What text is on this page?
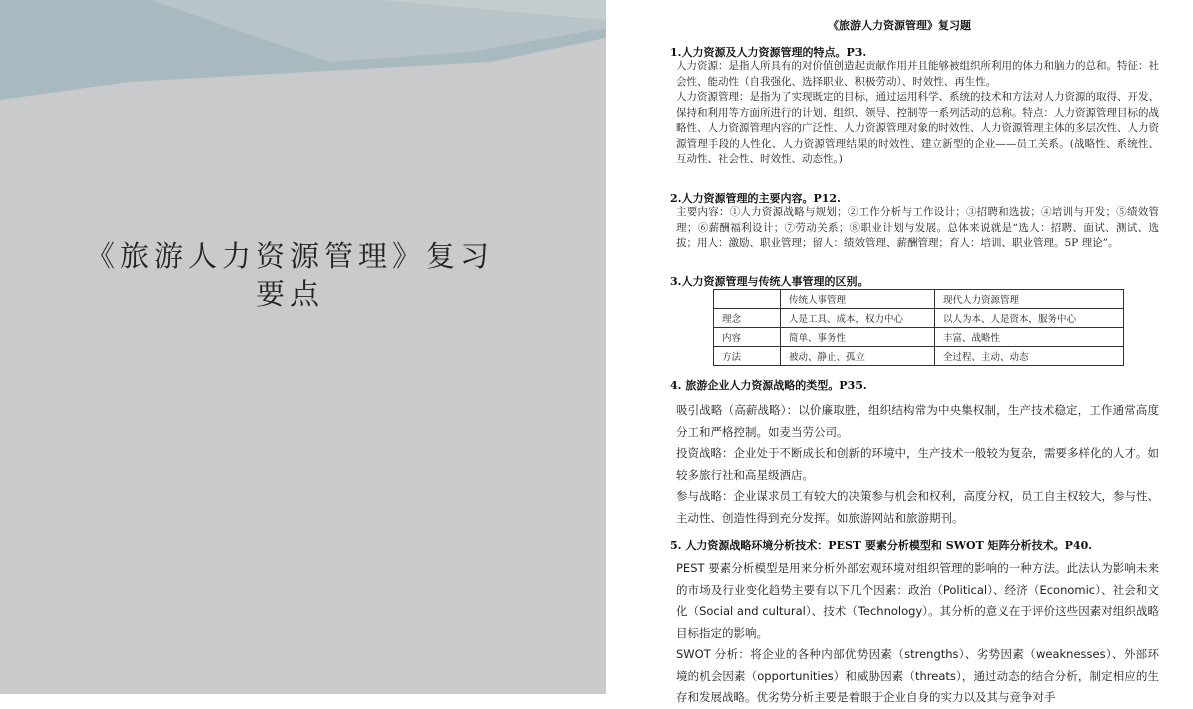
《旅游人力资源管理》复习
要点
《旅游人力资源管理》复习题
1.人力资源及人力资源管理的特点。P3.

人力资源：是指人所具有的对价值创造起贡献作用并且能够被组织所利用的体力和脑力的总和。特征：社会性、能动性（自我强化、选择职业、积极劳动）、时效性、再生性。

人力资源管理：是指为了实现既定的目标，通过运用科学、系统的技术和方法对人力资源的取得、开发、保持和利用等方面所进行的计划、组织、领导、控制等一系列活动的总称。特点：人力资源管理目标的战略性、人力资源管理内容的广泛性、人力资源管理对象的时效性、人力资源管理主体的多层次性、人力资源管理手段的人性化、人力资源管理结果的时效性、建立新型的企业——员工关系。(战略性、系统性、互动性、社会性、时效性、动态性。)

2.人力资源管理的主要内容。P12.

主要内容：①人力资源战略与规划；②工作分析与工作设计；③招聘和选拔；④培训与开发；⑤绩效管理；⑥薪酬福利设计；⑦劳动关系；⑧职业计划与发展。总体来说就是“选人：招聘、面试、测试、选拔；用人：激励、职业管理；留人：绩效管理、薪酬管理；育人：培训、职业管理。5P 理论”。

3.人力资源管理与传统人事管理的区别。
	传统人事管理	现代人力资源管理
理念	人是工具、成本，权力中心	以人为本、人是资本，服务中心
内容	简单、事务性	丰富、战略性
方法	被动、静止、孤立	全过程、主动、动态
4. 旅游企业人力资源战略的类型。P35.

吸引战略（高薪战略）：以价廉取胜，组织结构常为中央集权制，生产技术稳定，工作通常高度分工和严格控制。如麦当劳公司。

投资战略：企业处于不断成长和创新的环境中，生产技术一般较为复杂，需要多样化的人才。如较多旅行社和高星级酒店。

参与战略：企业谋求员工有较大的决策参与机会和权利，高度分权，员工自主权较大，参与性、主动性、创造性得到充分发挥。如旅游网站和旅游期刊。

5. 人力资源战略环境分析技术：PEST 要素分析模型和 SWOT 矩阵分析技术。P40.

PEST 要素分析模型是用来分析外部宏观环境对组织管理的影响的一种方法。此法认为影响未来的市场及行业变化趋势主要有以下几个因素：政治（Political）、经济（Economic）、社会和文化（Social and cultural）、技术（Technology）。其分析的意义在于评价这些因素对组织战略目标指定的影响。

SWOT 分析：将企业的各种内部优势因素（strengths）、劣势因素（weaknesses）、外部环境的机会因素（opportunities）和威胁因素（threats），通过动态的结合分析，制定相应的生存和发展战略。优劣势分析主要是着眼于企业自身的实力以及其与竞争对手
